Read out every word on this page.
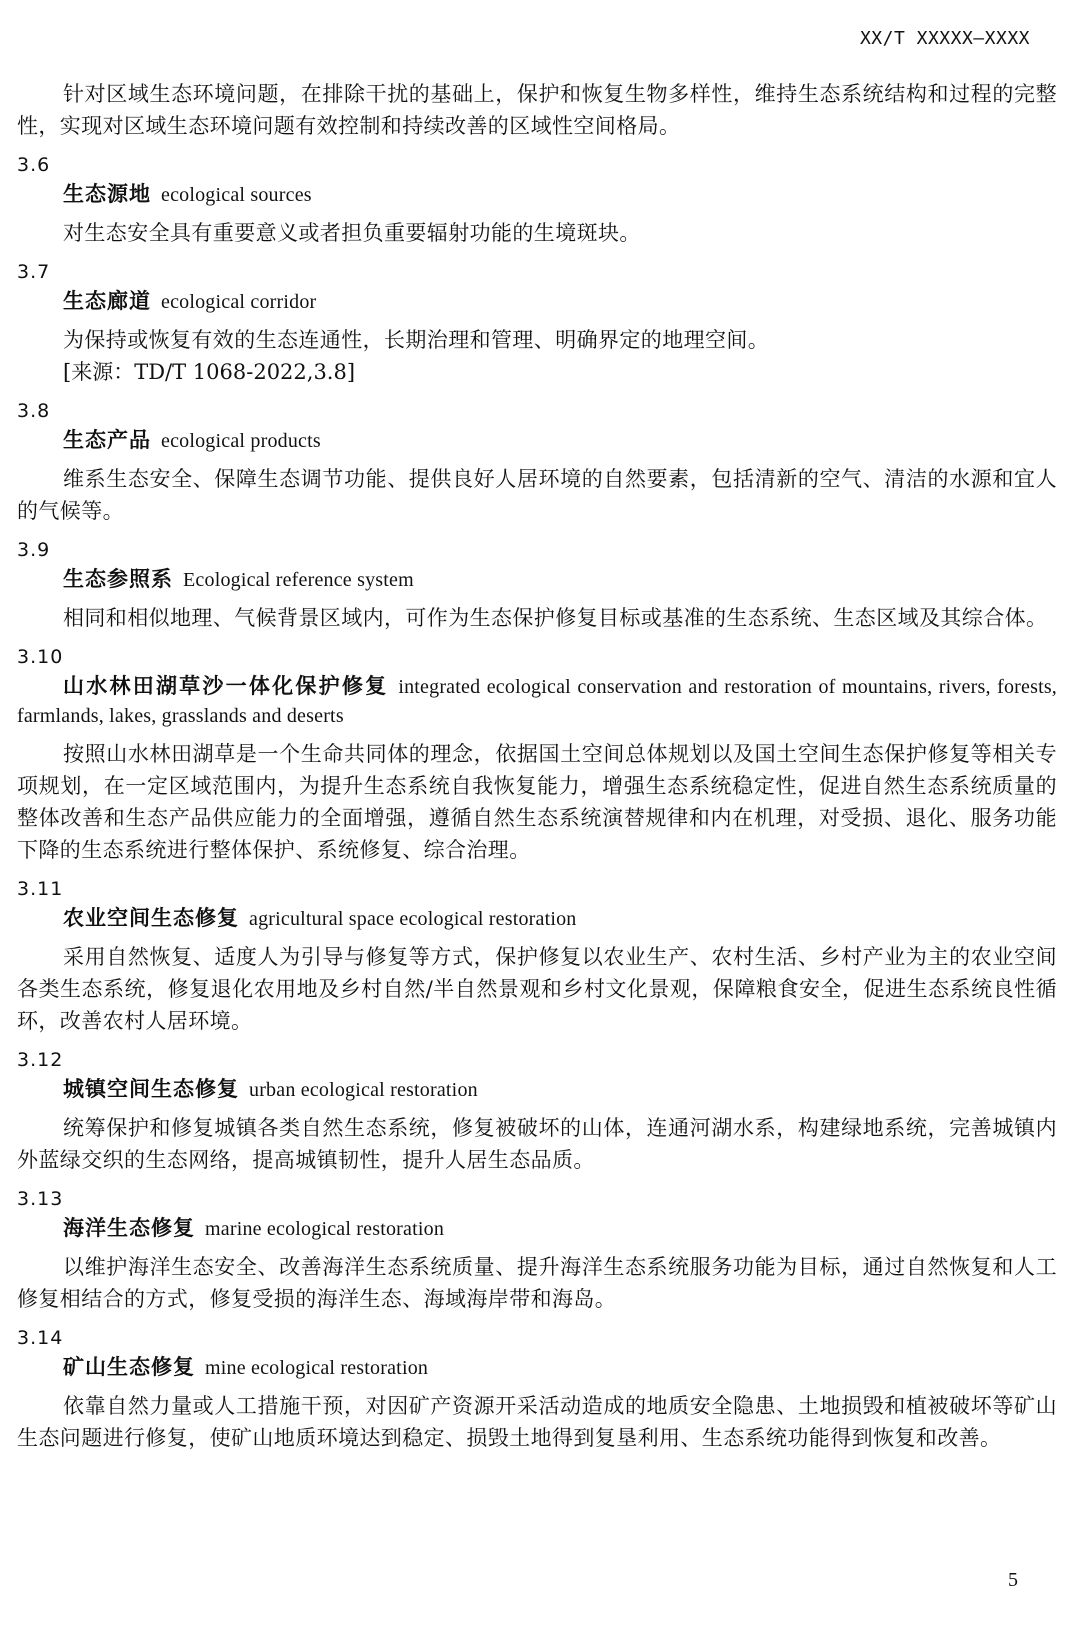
XX/T XXXXX—XXXX

针对区域生态环境问题，在排除干扰的基础上，保护和恢复生物多样性，维持生态系统结构和过程的完整性，实现对区域生态环境问题有效控制和持续改善的区域性空间格局。

3.6

生态源地 ecological sources

对生态安全具有重要意义或者担负重要辐射功能的生境斑块。

3.7

生态廊道 ecological corridor

为保持或恢复有效的生态连通性，长期治理和管理、明确界定的地理空间。

[来源：TD/T 1068-2022,3.8]

3.8

生态产品 ecological products

维系生态安全、保障生态调节功能、提供良好人居环境的自然要素，包括清新的空气、清洁的水源和宜人的气候等。

3.9

生态参照系 Ecological reference system

相同和相似地理、气候背景区域内，可作为生态保护修复目标或基准的生态系统、生态区域及其综合体。

3.10

山水林田湖草沙一体化保护修复 integrated ecological conservation and restoration of mountains, rivers, forests, farmlands, lakes, grasslands and deserts

按照山水林田湖草是一个生命共同体的理念，依据国土空间总体规划以及国土空间生态保护修复等相关专项规划，在一定区域范围内，为提升生态系统自我恢复能力，增强生态系统稳定性，促进自然生态系统质量的整体改善和生态产品供应能力的全面增强，遵循自然生态系统演替规律和内在机理，对受损、退化、服务功能下降的生态系统进行整体保护、系统修复、综合治理。

3.11

农业空间生态修复 agricultural space ecological restoration

采用自然恢复、适度人为引导与修复等方式，保护修复以农业生产、农村生活、乡村产业为主的农业空间各类生态系统，修复退化农用地及乡村自然/半自然景观和乡村文化景观，保障粮食安全，促进生态系统良性循环，改善农村人居环境。

3.12

城镇空间生态修复 urban ecological restoration

统筹保护和修复城镇各类自然生态系统，修复被破坏的山体，连通河湖水系，构建绿地系统，完善城镇内外蓝绿交织的生态网络，提高城镇韧性，提升人居生态品质。

3.13

海洋生态修复 marine ecological restoration

以维护海洋生态安全、改善海洋生态系统质量、提升海洋生态系统服务功能为目标，通过自然恢复和人工修复相结合的方式，修复受损的海洋生态、海域海岸带和海岛。

3.14

矿山生态修复 mine ecological restoration

依靠自然力量或人工措施干预，对因矿产资源开采活动造成的地质安全隐患、土地损毁和植被破坏等矿山生态问题进行修复，使矿山地质环境达到稳定、损毁土地得到复垦利用、生态系统功能得到恢复和改善。

5
